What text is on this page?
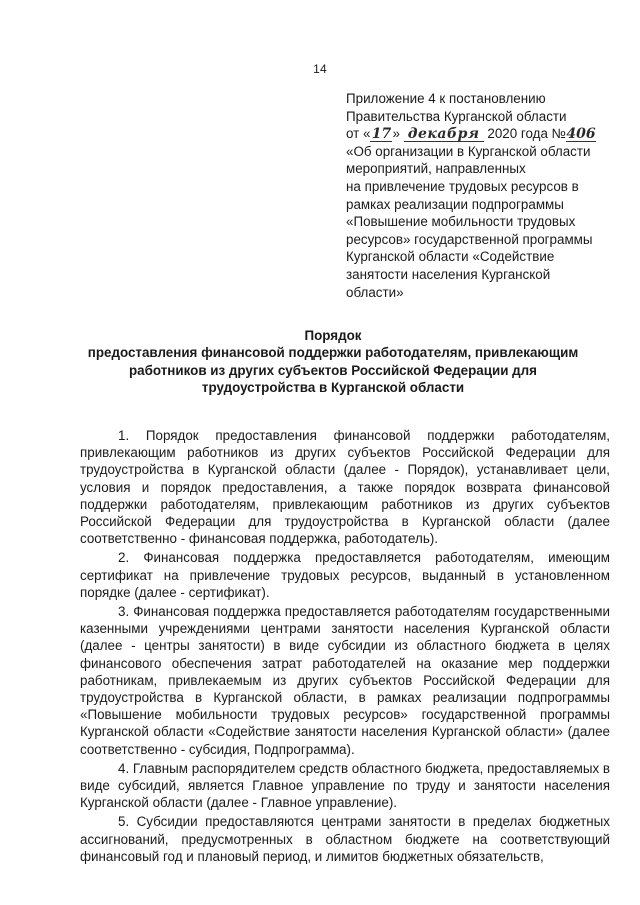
14
Приложение 4 к постановлению
Правительства Курганской области
от «17» декабря 2020 года №406
«Об организации в Курганской области
мероприятий, направленных
на привлечение трудовых ресурсов в
рамках реализации подпрограммы
«Повышение мобильности трудовых
ресурсов» государственной программы
Курганской области «Содействие
занятости населения Курганской
области»
Порядок
предоставления финансовой поддержки работодателям, привлекающим
работников из других субъектов Российской Федерации для
трудоустройства в Курганской области

1. Порядок предоставления финансовой поддержки работодателям, привлекающим работников из других субъектов Российской Федерации для трудоустройства в Курганской области (далее - Порядок), устанавливает цели, условия и порядок предоставления, а также порядок возврата финансовой поддержки работодателям, привлекающим работников из других субъектов Российской Федерации для трудоустройства в Курганской области (далее соответственно - финансовая поддержка, работодатель).

2. Финансовая поддержка предоставляется работодателям, имеющим сертификат на привлечение трудовых ресурсов, выданный в установленном порядке (далее - сертификат).

3. Финансовая поддержка предоставляется работодателям государственными казенными учреждениями центрами занятости населения Курганской области (далее - центры занятости) в виде субсидии из областного бюджета в целях финансового обеспечения затрат работодателей на оказание мер поддержки работникам, привлекаемым из других субъектов Российской Федерации для трудоустройства в Курганской области, в рамках реализации подпрограммы «Повышение мобильности трудовых ресурсов» государственной программы Курганской области «Содействие занятости населения Курганской области» (далее соответственно - субсидия, Подпрограмма).

4. Главным распорядителем средств областного бюджета, предоставляемых в виде субсидий, является Главное управление по труду и занятости населения Курганской области (далее - Главное управление).

5. Субсидии предоставляются центрами занятости в пределах бюджетных ассигнований, предусмотренных в областном бюджете на соответствующий финансовый год и плановый период, и лимитов бюджетных обязательств,
